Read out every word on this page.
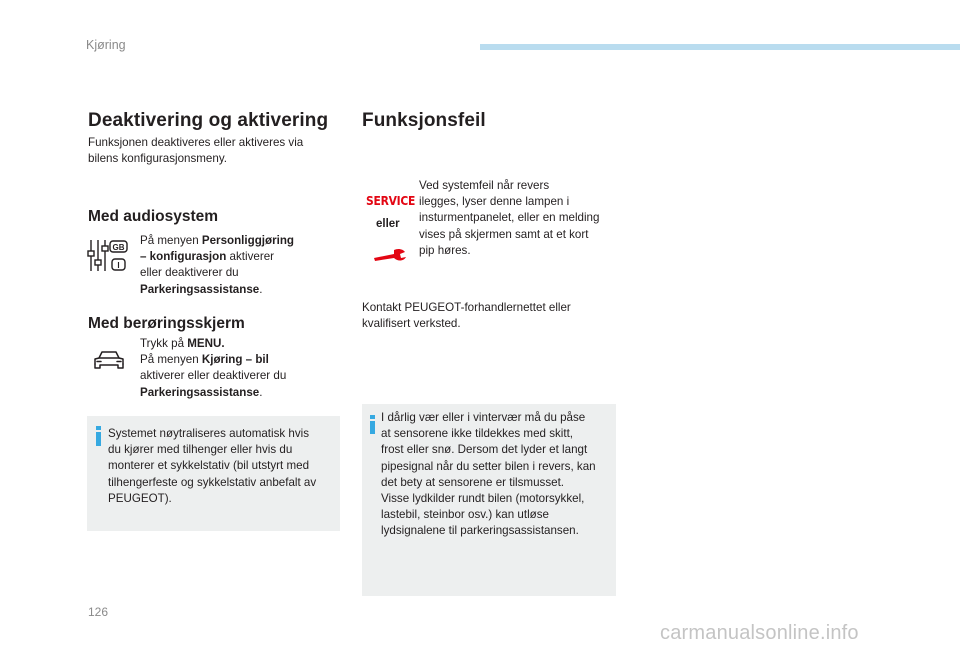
Kjøring
Deaktivering og aktivering
Funksjonen deaktiveres eller aktiveres via
bilens konfigurasjonsmeny.
Med audiosystem
GB
I
På menyen Personliggjøring
– konfigurasjon aktiverer
eller deaktiverer du
Parkeringsassistanse.
Med berøringsskjerm
Trykk på MENU.
På menyen Kjøring – bil
aktiverer eller deaktiverer du
Parkeringsassistanse.
Systemet nøytraliseres automatisk hvis
du kjører med tilhenger eller hvis du
monterer et sykkelstativ (bil utstyrt med
tilhengerfeste og sykkelstativ anbefalt av
PEUGEOT).
Funksjonsfeil
SERVICE
eller
Ved systemfeil når revers
ilegges, lyser denne lampen i
insturmentpanelet, eller en melding
vises på skjermen samt at et kort
pip høres.
Kontakt PEUGEOT-forhandlernettet eller
kvalifisert verksted.
I dårlig vær eller i vintervær må du påse
at sensorene ikke tildekkes med skitt,
frost eller snø. Dersom det lyder et langt
pipesignal når du setter bilen i revers, kan
det bety at sensorene er tilsmusset.
Visse lydkilder rundt bilen (motorsykkel,
lastebil, steinbor osv.) kan utløse
lydsignalene til parkeringsassistansen.
126
carmanualsonline.info
